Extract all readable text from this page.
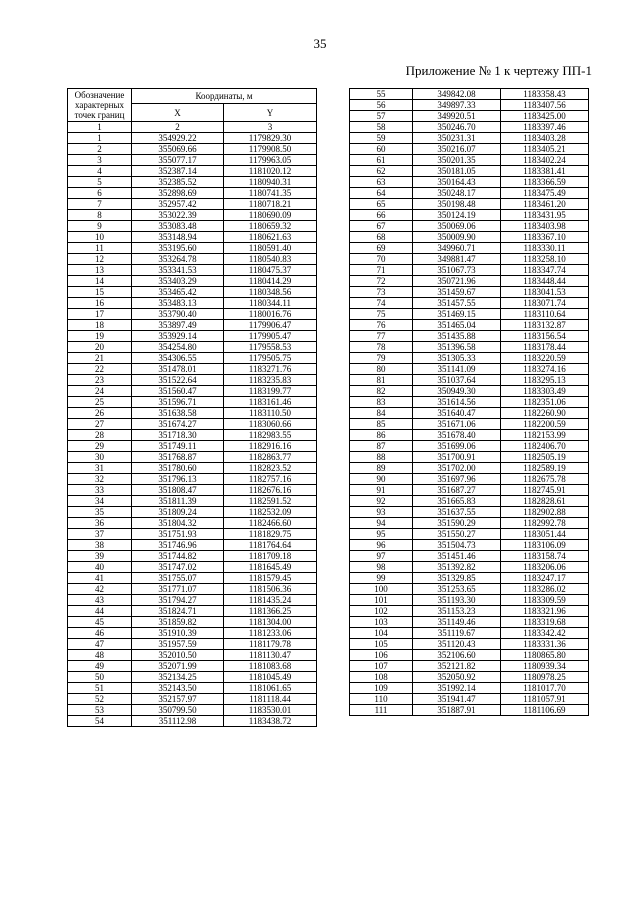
35
Приложение № 1 к чертежу ПП-1
Обозначение характерных точек границ	Координаты, м	
	X	Y
1	2	3
1	354929.22	1179829.30
2	355069.66	1179908.50
3	355077.17	1179963.05
4	352387.14	1181020.12
5	352385.52	1180940.31
6	352898.69	1180741.35
7	352957.42	1180718.21
8	353022.39	1180690.09
9	353083.48	1180659.32
10	353148.94	1180621.63
11	353195.60	1180591.40
12	353264.78	1180540.83
13	353341.53	1180475.37
14	353403.29	1180414.29
15	353465.42	1180348.56
16	353483.13	1180344.11
17	353790.40	1180016.76
18	353897.49	1179906.47
19	353929.14	1179905.47
20	354254.80	1179558.53
21	354306.55	1179505.75
22	351478.01	1183271.76
23	351522.64	1183235.83
24	351560.47	1183199.77
25	351596.71	1183161.46
26	351638.58	1183110.50
27	351674.27	1183060.66
28	351718.30	1182983.55
29	351749.11	1182916.16
30	351768.87	1182863.77
31	351780.60	1182823.52
32	351796.13	1182757.16
33	351808.47	1182676.16
34	351811.39	1182591.52
35	351809.24	1182532.09
36	351804.32	1182466.60
37	351751.93	1181829.75
38	351746.96	1181764.64
39	351744.82	1181709.18
40	351747.02	1181645.49
41	351755.07	1181579.45
42	351771.07	1181506.36
43	351794.27	1181435.24
44	351824.71	1181366.25
45	351859.82	1181304.00
46	351910.39	1181233.06
47	351957.59	1181179.78
48	352010.50	1181130.47
49	352071.99	1181083.68
50	352134.25	1181045.49
51	352143.50	1181061.65
52	352157.97	1181118.44
53	350799.50	1183530.01
54	351112.98	1183438.72
55	349842.08	1183358.43
56	349897.33	1183407.56
57	349920.51	1183425.00
58	350246.70	1183397.46
59	350231.31	1183403.28
60	350216.07	1183405.21
61	350201.35	1183402.24
62	350181.05	1183381.41
63	350164.43	1183366.59
64	350248.17	1183475.49
65	350198.48	1183461.20
66	350124.19	1183431.95
67	350069.06	1183403.98
68	350009.90	1183367.10
69	349960.71	1183330.11
70	349881.47	1183258.10
71	351067.73	1183347.74
72	350721.96	1183448.44
73	351459.67	1183041.53
74	351457.55	1183071.74
75	351469.15	1183110.64
76	351465.04	1183132.87
77	351435.88	1183156.54
78	351396.58	1183178.44
79	351305.33	1183220.59
80	351141.09	1183274.16
81	351037.64	1183295.13
82	350949.30	1183303.49
83	351614.56	1182351.06
84	351640.47	1182260.90
85	351671.06	1182200.59
86	351678.40	1182153.99
87	351699.06	1182406.70
88	351700.91	1182505.19
89	351702.00	1182589.19
90	351697.96	1182675.78
91	351687.27	1182745.91
92	351665.83	1182828.61
93	351637.55	1182902.88
94	351590.29	1182992.78
95	351550.27	1183051.44
96	351504.73	1183106.09
97	351451.46	1183158.74
98	351392.82	1183206.06
99	351329.85	1183247.17
100	351253.65	1183286.02
101	351193.30	1183309.59
102	351153.23	1183321.96
103	351149.46	1183319.68
104	351119.67	1183342.42
105	351120.43	1183331.36
106	352106.60	1180865.80
107	352121.82	1180939.34
108	352050.92	1180978.25
109	351992.14	1181017.70
110	351941.47	1181057.91
111	351887.91	1181106.69
